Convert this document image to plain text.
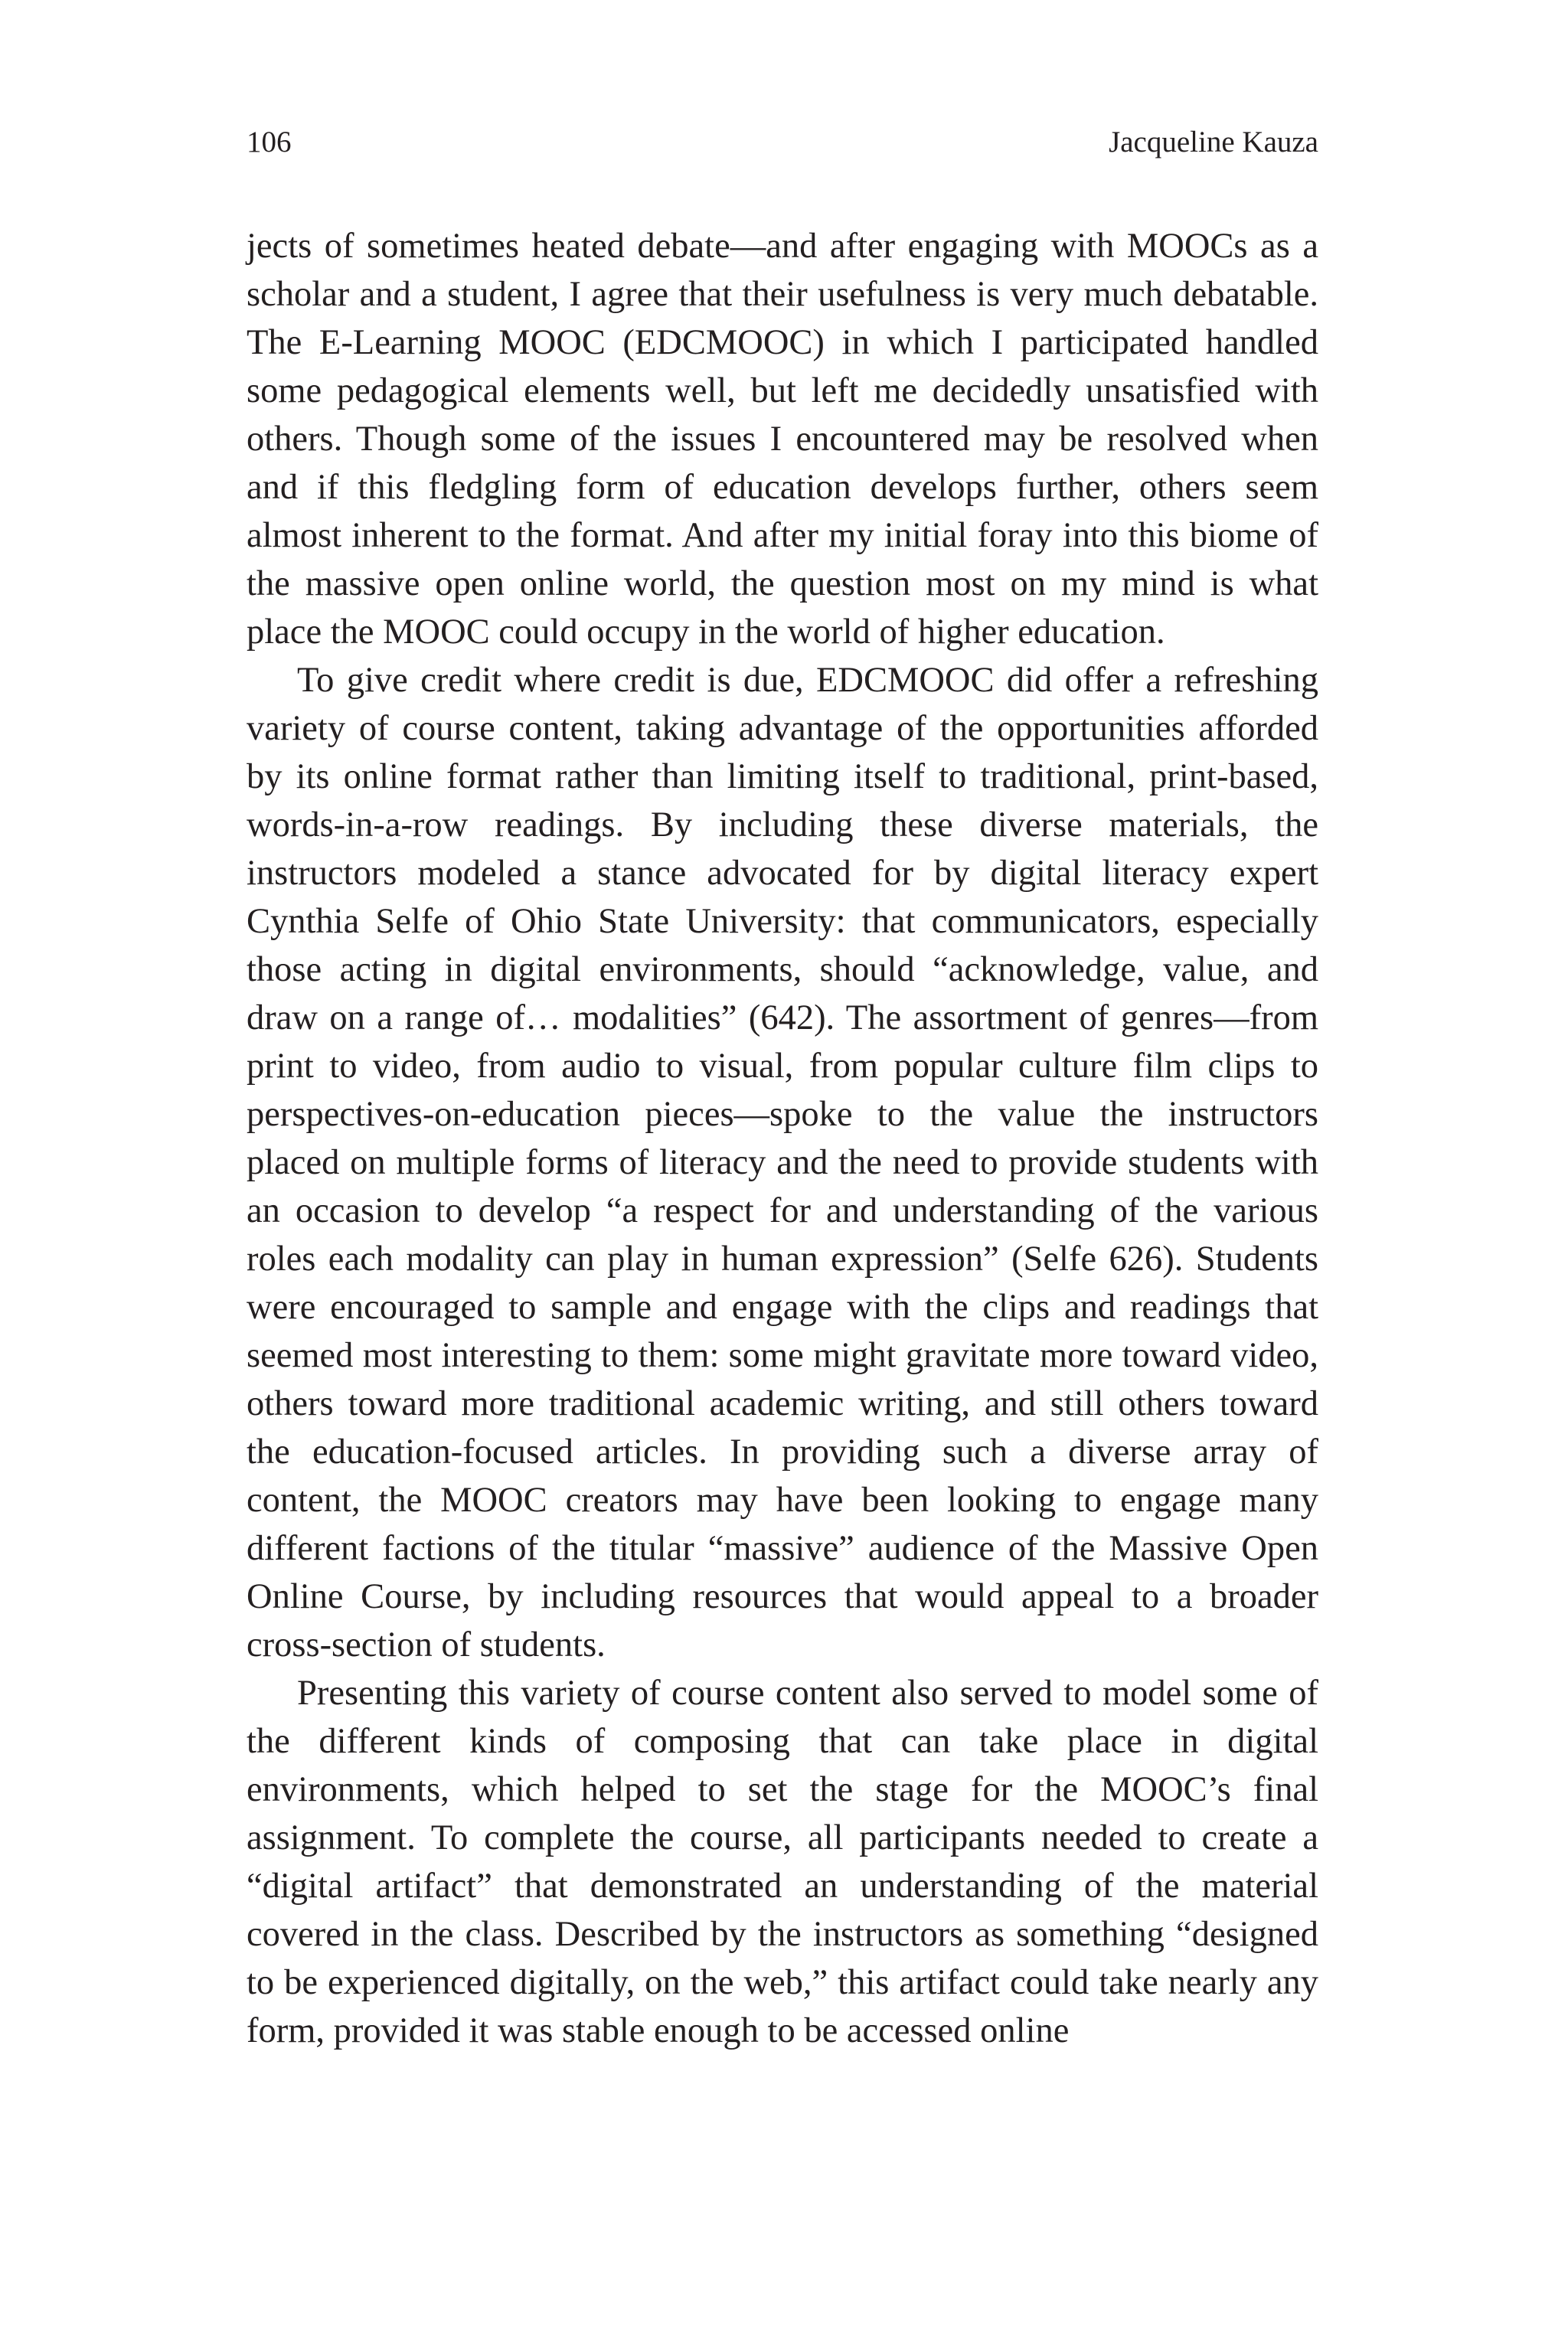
106	Jacqueline Kauza

jects of sometimes heated debate—and after engaging with MOOCs as a scholar and a student, I agree that their usefulness is very much debatable. The E-Learning MOOC (EDCMOOC) in which I participated handled some pedagogical elements well, but left me decidedly unsatisfied with others. Though some of the issues I encountered may be resolved when and if this fledgling form of education develops further, others seem almost inherent to the format. And after my initial foray into this biome of the massive open online world, the question most on my mind is what place the MOOC could occupy in the world of higher education.

To give credit where credit is due, EDCMOOC did offer a refreshing variety of course content, taking advantage of the opportunities afforded by its online format rather than limiting itself to traditional, print-based, words-in-a-row readings. By including these diverse materials, the instructors modeled a stance advocated for by digital literacy expert Cynthia Selfe of Ohio State University: that communicators, especially those acting in digital environments, should “acknowledge, value, and draw on a range of… modalities” (642). The assortment of genres—from print to video, from audio to visual, from popular culture film clips to perspectives-on-education pieces—spoke to the value the instructors placed on multiple forms of literacy and the need to provide students with an occasion to develop “a respect for and understanding of the various roles each modality can play in human expression” (Selfe 626). Students were encouraged to sample and engage with the clips and readings that seemed most interesting to them: some might gravitate more toward video, others toward more traditional academic writing, and still others toward the education-focused articles. In providing such a diverse array of content, the MOOC creators may have been looking to engage many different factions of the titular “massive” audience of the Massive Open Online Course, by including resources that would appeal to a broader cross-section of students.

Presenting this variety of course content also served to model some of the different kinds of composing that can take place in digital environments, which helped to set the stage for the MOOC’s final assignment. To complete the course, all participants needed to create a “digital artifact” that demonstrated an understanding of the material covered in the class. Described by the instructors as something “designed to be experienced digitally, on the web,” this artifact could take nearly any form, provided it was stable enough to be accessed online
